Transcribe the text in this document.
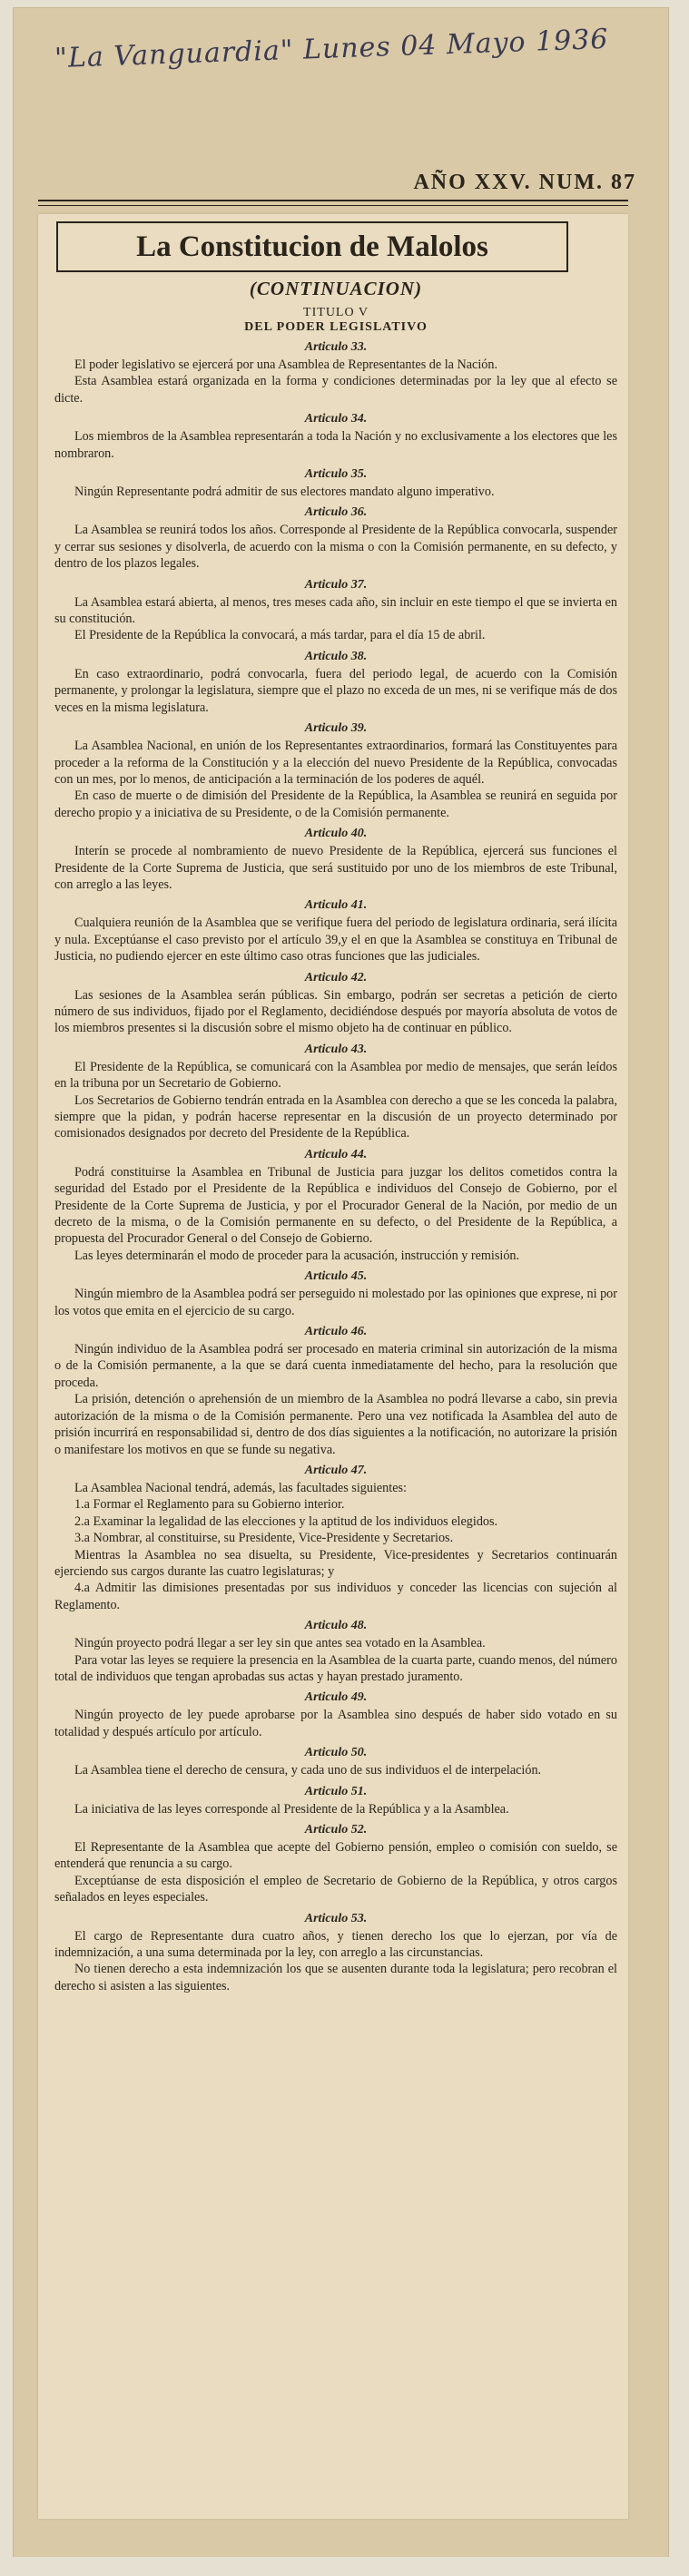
"La Vanguardia" Lunes 04 Mayo 1936
AÑO XXV. NUM. 87
La Constitucion de Malolos

(CONTINUACION)

TITULO V

DEL PODER LEGISLATIVO

Articulo 33.

El poder legislativo se ejercerá por una Asamblea de Representantes de la Nación.

Esta Asamblea estará organizada en la forma y condiciones determinadas por la ley que al efecto se dicte.

Articulo 34.

Los miembros de la Asamblea representarán a toda la Nación y no exclusivamente a los electores que les nombraron.

Articulo 35.

Ningún Representante podrá admitir de sus electores mandato alguno imperativo.

Articulo 36.

La Asamblea se reunirá todos los años. Corresponde al Presidente de la República convocarla, suspender y cerrar sus sesiones y disolverla, de acuerdo con la misma o con la Comisión permanente, en su defecto, y dentro de los plazos legales.

Articulo 37.

La Asamblea estará abierta, al menos, tres meses cada año, sin incluir en este tiempo el que se invierta en su constitución.

El Presidente de la República la convocará, a más tardar, para el día 15 de abril.

Articulo 38.

En caso extraordinario, podrá convocarla, fuera del periodo legal, de acuerdo con la Comisión permanente, y prolongar la legislatura, siempre que el plazo no exceda de un mes, ni se verifique más de dos veces en la misma legislatura.

Articulo 39.

La Asamblea Nacional, en unión de los Representantes extraordinarios, formará las Constituyentes para proceder a la reforma de la Constitución y a la elección del nuevo Presidente de la República, convocadas con un mes, por lo menos, de anticipación a la terminación de los poderes de aquél.

En caso de muerte o de dimisión del Presidente de la República, la Asamblea se reunirá en seguida por derecho propio y a iniciativa de su Presidente, o de la Comisión permanente.

Articulo 40.

Interín se procede al nombramiento de nuevo Presidente de la República, ejercerá sus funciones el Presidente de la Corte Suprema de Justicia, que será sustituido por uno de los miembros de este Tribunal, con arreglo a las leyes.

Articulo 41.

Cualquiera reunión de la Asamblea que se verifique fuera del periodo de legislatura ordinaria, será ilícita y nula. Exceptúanse el caso previsto por el artículo 39,y el en que la Asamblea se constituya en Tribunal de Justicia, no pudiendo ejercer en este último caso otras funciones que las judiciales.

Articulo 42.

Las sesiones de la Asamblea serán públicas. Sin embargo, podrán ser secretas a petición de cierto número de sus individuos, fijado por el Reglamento, decidiéndose después por mayoría absoluta de votos de los miembros presentes si la discusión sobre el mismo objeto ha de continuar en público.

Articulo 43.

El Presidente de la República, se comunicará con la Asamblea por medio de mensajes, que serán leídos en la tribuna por un Secretario de Gobierno.

Los Secretarios de Gobierno tendrán entrada en la Asamblea con derecho a que se les conceda la palabra, siempre que la pidan, y podrán hacerse representar en la discusión de un proyecto determinado por comisionados designados por decreto del Presidente de la República.

Articulo 44.

Podrá constituirse la Asamblea en Tribunal de Justicia para juzgar los delitos cometidos contra la seguridad del Estado por el Presidente de la República e individuos del Consejo de Gobierno, por el Presidente de la Corte Suprema de Justicia, y por el Procurador General de la Nación, por medio de un decreto de la misma, o de la Comisión permanente en su defecto, o del Presidente de la República, a propuesta del Procurador General o del Consejo de Gobierno.

Las leyes determinarán el modo de proceder para la acusación, instrucción y remisión.

Articulo 45.

Ningún miembro de la Asamblea podrá ser perseguido ni molestado por las opiniones que exprese, ni por los votos que emita en el ejercicio de su cargo.

Articulo 46.

Ningún individuo de la Asamblea podrá ser procesado en materia criminal sin autorización de la misma o de la Comisión permanente, a la que se dará cuenta inmediatamente del hecho, para la resolución que proceda.

La prisión, detención o aprehensión de un miembro de la Asamblea no podrá llevarse a cabo, sin previa autorización de la misma o de la Comisión permanente. Pero una vez notificada la Asamblea del auto de prisión incurrirá en responsabilidad si, dentro de dos días siguientes a la notificación, no autorizare la prisión o manifestare los motivos en que se funde su negativa.

Articulo 47.

La Asamblea Nacional tendrá, además, las facultades siguientes:

1.a Formar el Reglamento para su Gobierno interior.

2.a Examinar la legalidad de las elecciones y la aptitud de los individuos elegidos.

3.a Nombrar, al constituirse, su Presidente, Vice-Presidente y Secretarios.

Mientras la Asamblea no sea disuelta, su Presidente, Vice-presidentes y Secretarios continuarán ejerciendo sus cargos durante las cuatro legislaturas; y

4.a Admitir las dimisiones presentadas por sus individuos y conceder las licencias con sujeción al Reglamento.

Articulo 48.

Ningún proyecto podrá llegar a ser ley sin que antes sea votado en la Asamblea.

Para votar las leyes se requiere la presencia en la Asamblea de la cuarta parte, cuando menos, del número total de individuos que tengan aprobadas sus actas y hayan prestado juramento.

Articulo 49.

Ningún proyecto de ley puede aprobarse por la Asamblea sino después de haber sido votado en su totalidad y después artículo por artículo.

Articulo 50.

La Asamblea tiene el derecho de censura, y cada uno de sus individuos el de interpelación.

Articulo 51.

La iniciativa de las leyes corresponde al Presidente de la República y a la Asamblea.

Articulo 52.

El Representante de la Asamblea que acepte del Gobierno pensión, empleo o comisión con sueldo, se entenderá que renuncia a su cargo.

Exceptúanse de esta disposición el empleo de Secretario de Gobierno de la República, y otros cargos señalados en leyes especiales.

Articulo 53.

El cargo de Representante dura cuatro años, y tienen derecho los que lo ejerzan, por vía de indemnización, a una suma determinada por la ley, con arreglo a las circunstancias.

No tienen derecho a esta indemnización los que se ausenten durante toda la legislatura; pero recobran el derecho si asisten a las siguientes.
